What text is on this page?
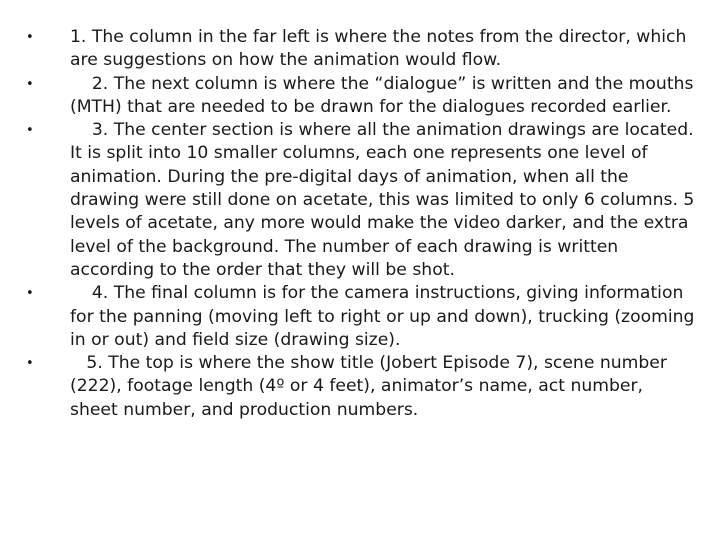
•	1. The column in the far left is where the notes from the director, which are suggestions on how the animation would flow.
•	2. The next column is where the “dialogue” is written and the mouths (MTH) that are needed to be drawn for the dialogues recorded earlier.
•	3. The center section is where all the animation drawings are located. It is split into 10 smaller columns, each one represents one level of animation. During the pre-digital days of animation, when all the drawing were still done on acetate, this was limited to only 6 columns. 5 levels of acetate, any more would make the video darker, and the extra level of the background. The number of each drawing is written according to the order that they will be shot.
•	4. The final column is for the camera instructions, giving information for the panning (moving left to right or up and down), trucking (zooming in or out) and field size (drawing size).
•	5. The top is where the show title (Jobert Episode 7), scene number (222), footage length (4º or 4 feet), animator’s name, act number, sheet number, and production numbers.
